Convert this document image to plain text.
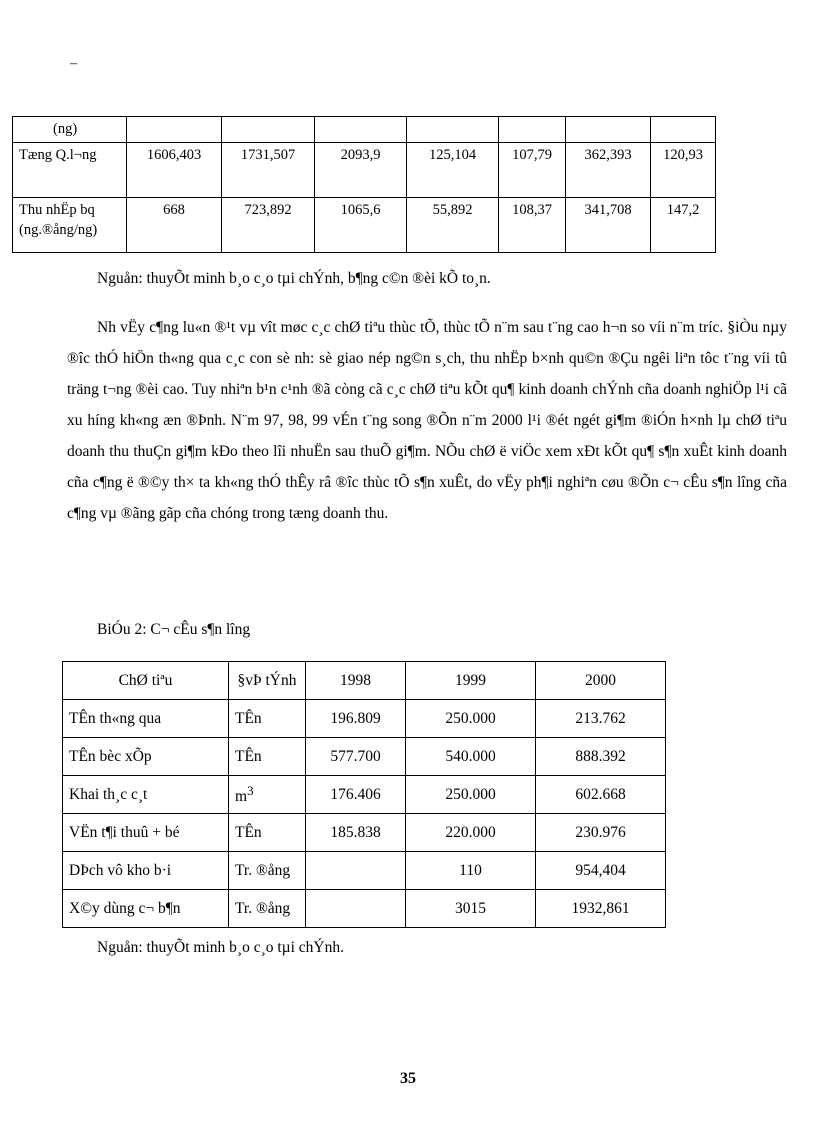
–
(ng)							
Tæng Q.l¬ng	1606,403	1731,507	2093,9	125,104	107,79	362,393	120,93
Thu nhËp bq (ng.®ång/ng)	668	723,892	1065,6	55,892	108,37	341,708	147,2
Nguån: thuyÕt minh b¸o c¸o tµi chÝnh, b¶ng c©n ®èi kÕ to¸n.

Nh vËy c¶ng lu«n ®¹t vµ vît møc c¸c chØ tiªu thùc tÕ, thùc tÕ n¨m sau t¨ng cao h¬n so víi n¨m tríc. §iÒu nµy ®îc thÓ hiÖn th«ng qua c¸c con sè nh: sè giao nép ng©n s¸ch, thu nhËp b×nh qu©n ®Çu ngêi liªn tôc t¨ng víi tû träng t¬ng ®èi cao. Tuy nhiªn b¹n c¹nh ®ã còng cã c¸c chØ tiªu kÕt qu¶ kinh doanh chÝnh cña doanh nghiÖp l¹i cã xu híng kh«ng æn ®Þnh. N¨m 97, 98, 99 vÉn t¨ng song ®Õn n¨m 2000 l¹i ®ét ngét gi¶m ®iÓn h×nh lµ chØ tiªu doanh thu thuÇn gi¶m kÐo theo lîi nhuËn sau thuÕ gi¶m. NÕu chØ ë viÖc xem xÐt kÕt qu¶ s¶n xuÊt kinh doanh cña c¶ng ë ®©y th× ta kh«ng thÓ thÊy râ ®îc thùc tÕ s¶n xuÊt, do vËy ph¶i nghiªn cøu ®Õn c¬ cÊu s¶n lîng cña c¶ng vµ ®ãng gãp cña chóng trong tæng doanh thu.

BiÓu 2: C¬ cÊu s¶n lîng
ChØ tiªu	§vÞ tÝnh	1998	1999	2000
TÊn th«ng qua	TÊn	196.809	250.000	213.762
TÊn bèc xÕp	TÊn	577.700	540.000	888.392
Khai th¸c c¸t	$m^3$	176.406	250.000	602.668
VËn t¶i thuû + bé	TÊn	185.838	220.000	230.976
DÞch vô kho b·i	Tr. ®ång		110	954,404
X©y dùng c¬ b¶n	Tr. ®ång		3015	1932,861
Nguån: thuyÕt minh b¸o c¸o tµi chÝnh.
35
